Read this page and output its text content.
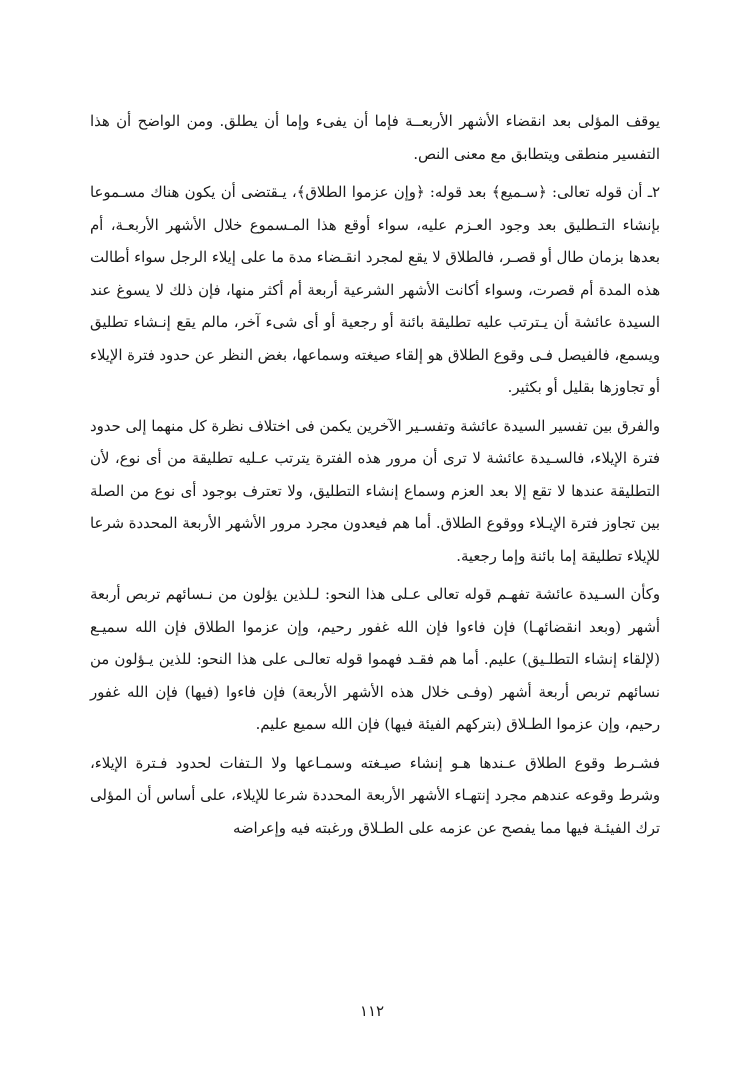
يوقف المؤلى بعد انقضاء الأشهر الأربعــة فإما أن يفىء وإما أن يطلق. ومن الواضح أن هذا التفسير منطقى ويتطابق مع معنى النص.

٢ـ أن قوله تعالى: ﴿سـميع﴾ بعد قوله: ﴿وإن عزموا الطلاق﴾، يـقتضى أن يكون هناك مسـموعا بإنشاء التـطليق بعد وجود العـزم عليه، سواء أوقع هذا المـسموع خلال الأشهر الأربعـة، أم بعدها بزمان طال أو قصـر، فالطلاق لا يقع لمجرد انقـضاء مدة ما على إيلاء الرجل سواء أطالت هذه المدة أم قصرت، وسواء أكانت الأشهر الشرعية أربعة أم أكثر منها، فإن ذلك لا يسوغ عند السيدة عائشة أن يـترتب عليه تطليقة بائنة أو رجعية أو أى شىء آخر، مالم يقع إنـشاء تطليق ويسمع، فالفيصل فـى وقوع الطلاق هو إلقاء صيغته وسماعها، بغض النظر عن حدود فترة الإيلاء أو تجاوزها بقليل أو بكثير.

والفرق بين تفسير السيدة عائشة وتفسـير الآخرين يكمن فى اختلاف نظرة كل منهما إلى حدود فترة الإيلاء، فالسـيدة عائشة لا ترى أن مرور هذه الفترة يترتب عـليه تطليقة من أى نوع، لأن التطليقة عندها لا تقع إلا بعد العزم وسماع إنشاء التطليق، ولا تعترف بوجود أى نوع من الصلة بين تجاوز فترة الإيـلاء ووقوع الطلاق. أما هم فيعدون مجرد مرور الأشهر الأربعة المحددة شرعا للإيلاء تطليقة إما بائنة وإما رجعية.

وكأن السـيدة عائشة تفهـم قوله تعالى عـلى هذا النحو: لـلذين يؤلون من نـسائهم تربص أربعة أشهر (وبعد انقضائهـا) فإن فاءوا فإن الله غفور رحيم، وإن عزموا الطلاق فإن الله سميـع (لإلقاء إنشاء التطلـيق) عليم. أما هم فقـد فهموا قوله تعالـى على هذا النحو: للذين يـؤلون من نسائهم تربص أربعة أشهر (وفـى خلال هذه الأشهر الأربعة) فإن فاءوا (فيها) فإن الله غفور رحيم، وإن عزموا الطـلاق (بتركهم الفيئة فيها) فإن الله سميع عليم.

فشـرط وقوع الطلاق عـندها هـو إنشاء صيـغته وسمـاعها ولا الـتفات لحدود فـترة الإيلاء، وشرط وقوعه عندهم مجرد إنتهـاء الأشهر الأربعة المحددة شرعا للإيلاء، على أساس أن المؤلى ترك الفيئـة فيها مما يفصح عن عزمه على الطـلاق ورغبته فيه وإعراضه

١١٢
